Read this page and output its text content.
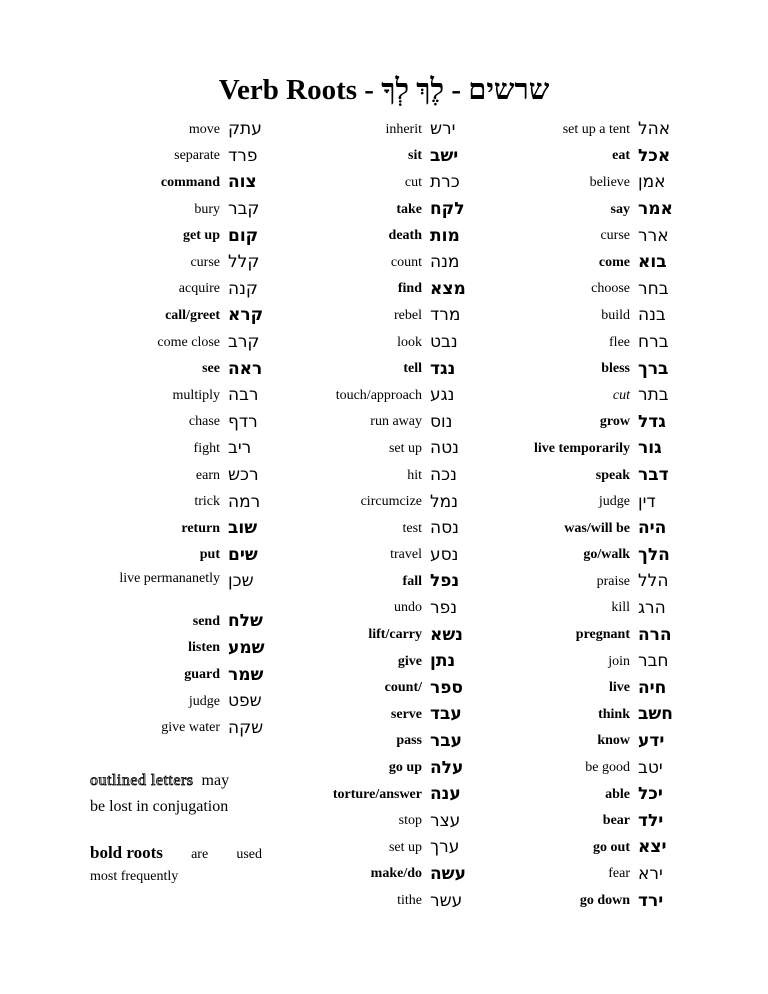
Verb Roots - שרשים - לֶךְ לְךָ
move עתק
separate פרד
command צוה
bury קבר
get up קום
curse קלל
acquire קנה
call/greet קרא
come close קרב
see ראה
multiply רבה
chase רדף
fight ריב
earn רכש
trick רמה
return שוב
put שים
live permananetly שכן
send שלח
listen שמע
guard שמר
judge שפט
give water שקה
inherit ירש
sit ישב
cut כרת
take לקח
death מות
count מנה
find מצא
rebel מרד
look נבט
tell נגד
touch/approach נגע
run away נוס
set up נטה
hit נכה
circumcize נמל
test נסה
travel נסע
fall נפל
undo נפר
lift/carry נשא
give נתן
count/ ספר
serve עבד
pass עבר
go up עלה
torture/answer ענה
stop עצר
set up ערך
make/do עשה
tithe עשר
set up a tent אהל
eat אכל
believe אמן
say אמר
curse ארר
come בוא
choose בחר
build בנה
flee ברח
bless ברך
cut בתר
grow גדל
live temporarily גור
speak דבר
judge דין
was/will be היה
go/walk הלך
praise הלל
kill הרג
pregnant הרה
join חבר
live חיה
think חשב
know ידע
be good יטב
able יכל
bear ילד
go out יצא
fear ירא
go down ירד
outlined letters may
be lost in conjugation
bold roots are used
most frequently
